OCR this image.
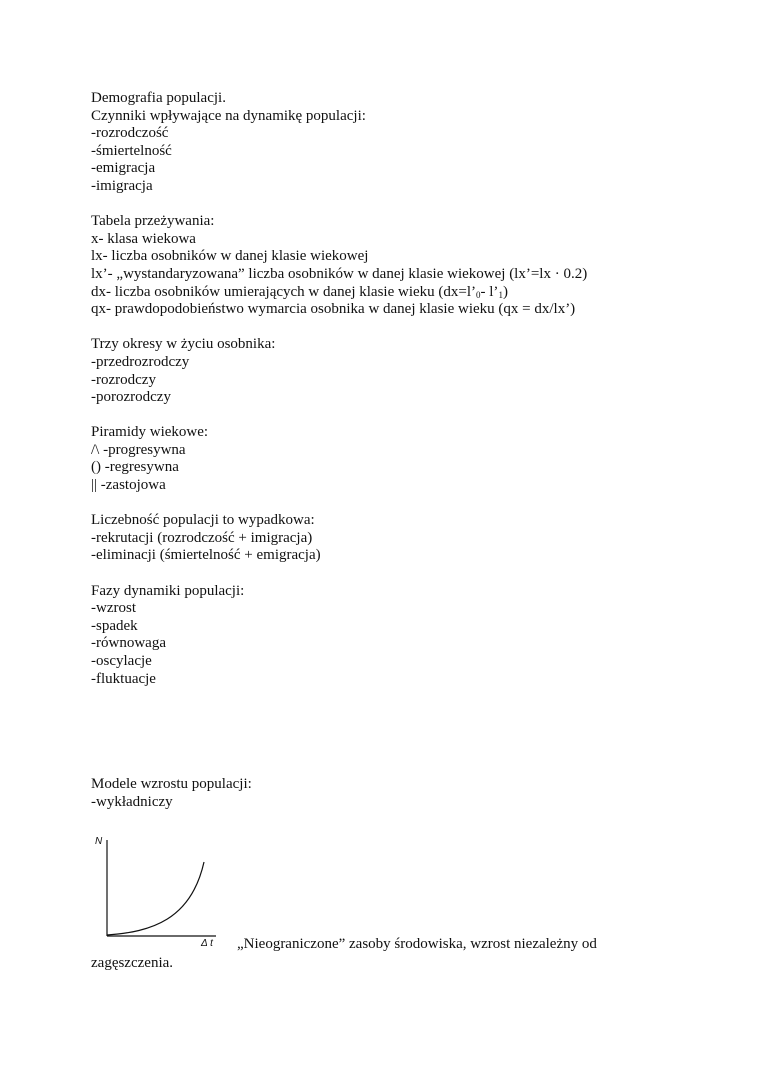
Demografia populacji.
Czynniki wpływające na dynamikę populacji:
-rozrodczość
-śmiertelność
-emigracja
-imigracja
Tabela przeżywania:
x- klasa wiekowa
lx- liczba osobników w danej klasie wiekowej
lx’- „wystandaryzowana” liczba osobników w danej klasie wiekowej (lx’=lx · 0.2)
dx- liczba osobników umierających w danej klasie wieku ($dx=l’_0-$ $l’_1$)
qx- prawdopodobieństwo wymarcia osobnika w danej klasie wieku (qx = dx/lx’)
Trzy okresy w życiu osobnika:
-przedrozrodczy
-rozrodczy
-porozrodczy
Piramidy wiekowe:
/\ -progresywna
() -regresywna
|| -zastojowa
Liczebność populacji to wypadkowa:
-rekrutacji (rozrodczość + imigracja)
-eliminacji (śmiertelność + emigracja)
Fazy dynamiki populacji:
-wzrost
-spadek
-równowaga
-oscylacje
-fluktuacje
Modele wzrostu populacji:
-wykładniczy
N
Δ t „Nieograniczone” zasoby środowiska, wzrost niezależny od
zagęszczenia.
